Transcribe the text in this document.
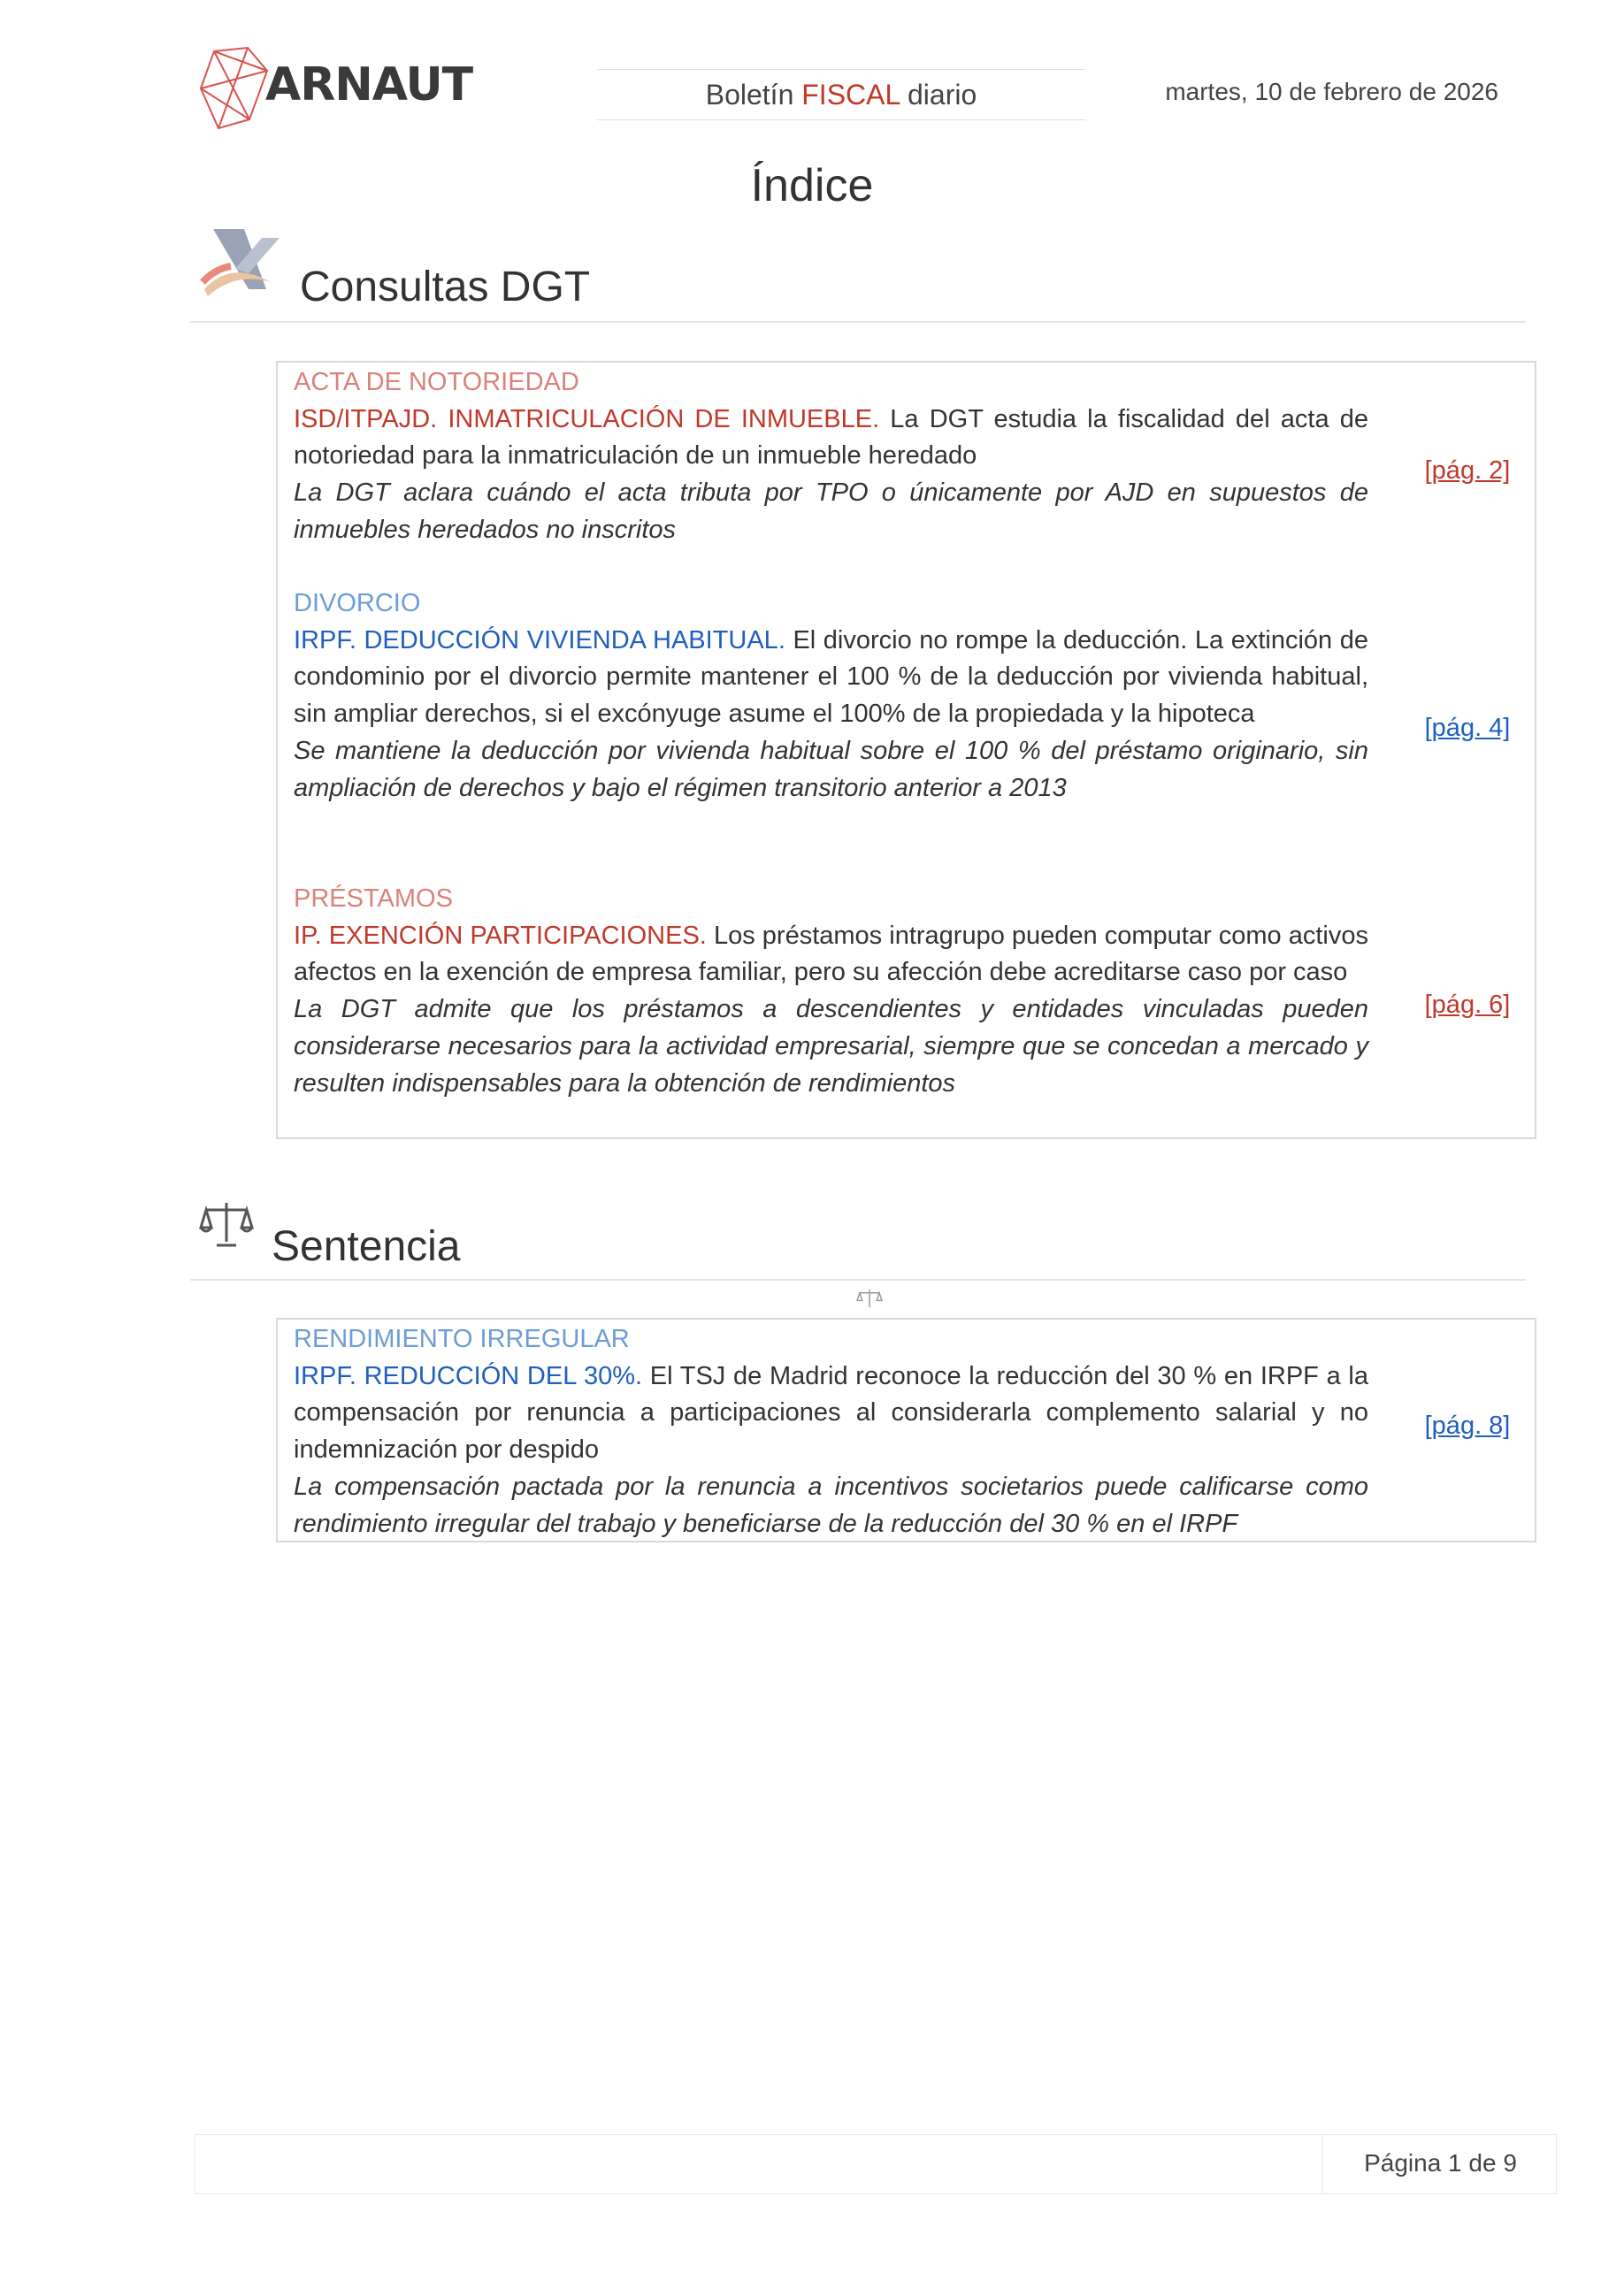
ARNAUT	Boletín FISCAL diario	martes, 10 de febrero de 2026
Índice
Consultas DGT
ACTA DE NOTORIEDAD
ISD/ITPAJD. INMATRICULACIÓN DE INMUEBLE. La DGT estudia la fiscalidad del acta de notoriedad para la inmatriculación de un inmueble heredado
La DGT aclara cuándo el acta tributa por TPO o únicamente por AJD en supuestos de inmuebles heredados no inscritos
[pág. 2]
DIVORCIO
IRPF. DEDUCCIÓN VIVIENDA HABITUAL. El divorcio no rompe la deducción. La extinción de condominio por el divorcio permite mantener el 100 % de la deducción por vivienda habitual, sin ampliar derechos, si el excónyuge asume el 100% de la propiedada y la hipoteca
Se mantiene la deducción por vivienda habitual sobre el 100 % del préstamo originario, sin ampliación de derechos y bajo el régimen transitorio anterior a 2013
[pág. 4]
PRÉSTAMOS
IP. EXENCIÓN PARTICIPACIONES. Los préstamos intragrupo pueden computar como activos afectos en la exención de empresa familiar, pero su afección debe acreditarse caso por caso
La DGT admite que los préstamos a descendientes y entidades vinculadas pueden considerarse necesarios para la actividad empresarial, siempre que se concedan a mercado y resulten indispensables para la obtención de rendimientos
[pág. 6]
Sentencia
RENDIMIENTO IRREGULAR
IRPF. REDUCCIÓN DEL 30%. El TSJ de Madrid reconoce la reducción del 30 % en IRPF a la compensación por renuncia a participaciones al considerarla complemento salarial y no indemnización por despido
La compensación pactada por la renuncia a incentivos societarios puede calificarse como rendimiento irregular del trabajo y beneficiarse de la reducción del 30 % en el IRPF
[pág. 8]
Página 1 de 9
